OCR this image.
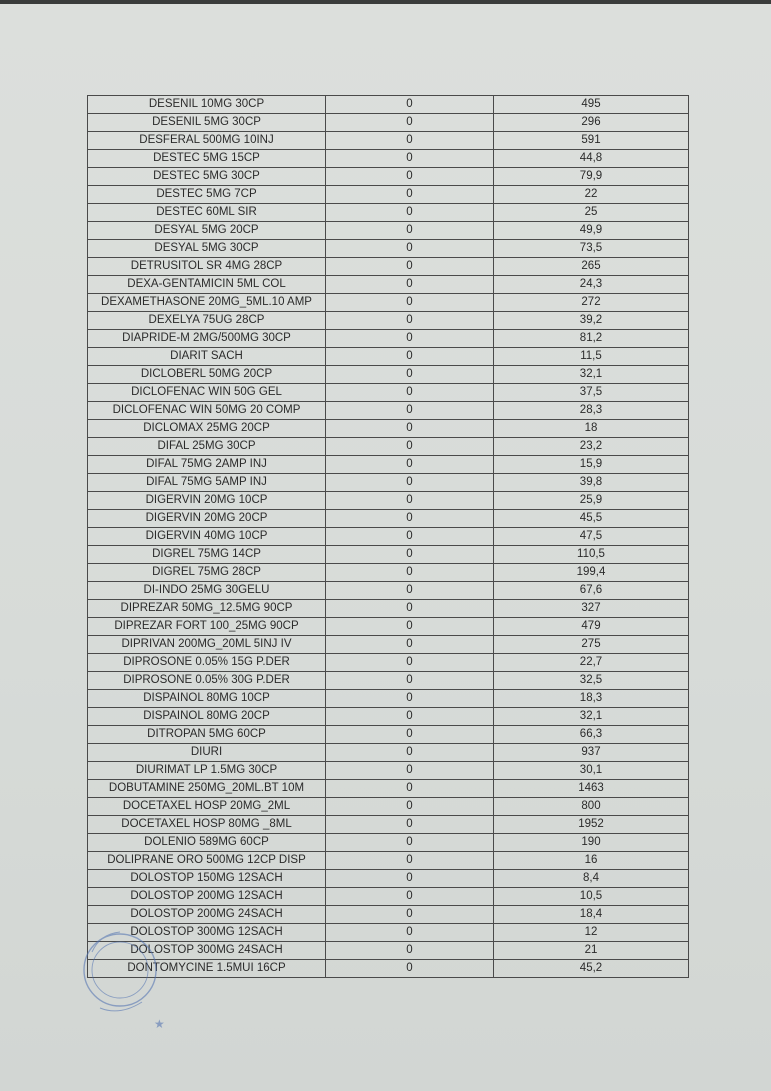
DESENIL 10MG 30CP	0	495
DESENIL 5MG 30CP	0	296
DESFERAL 500MG 10INJ	0	591
DESTEC 5MG 15CP	0	44,8
DESTEC 5MG 30CP	0	79,9
DESTEC 5MG 7CP	0	22
DESTEC 60ML SIR	0	25
DESYAL 5MG 20CP	0	49,9
DESYAL 5MG 30CP	0	73,5
DETRUSITOL SR 4MG 28CP	0	265
DEXA-GENTAMICIN 5ML COL	0	24,3
DEXAMETHASONE 20MG_5ML.10 AMP	0	272
DEXELYA 75UG 28CP	0	39,2
DIAPRIDE-M 2MG/500MG 30CP	0	81,2
DIARIT SACH	0	11,5
DICLOBERL 50MG 20CP	0	32,1
DICLOFENAC WIN 50G GEL	0	37,5
DICLOFENAC WIN 50MG 20 COMP	0	28,3
DICLOMAX 25MG 20CP	0	18
DIFAL 25MG 30CP	0	23,2
DIFAL 75MG 2AMP INJ	0	15,9
DIFAL 75MG 5AMP INJ	0	39,8
DIGERVIN 20MG 10CP	0	25,9
DIGERVIN 20MG 20CP	0	45,5
DIGERVIN 40MG 10CP	0	47,5
DIGREL 75MG 14CP	0	110,5
DIGREL 75MG 28CP	0	199,4
DI-INDO 25MG 30GELU	0	67,6
DIPREZAR 50MG_12.5MG 90CP	0	327
DIPREZAR FORT 100_25MG 90CP	0	479
DIPRIVAN 200MG_20ML 5INJ IV	0	275
DIPROSONE 0.05% 15G P.DER	0	22,7
DIPROSONE 0.05% 30G P.DER	0	32,5
DISPAINOL 80MG 10CP	0	18,3
DISPAINOL 80MG 20CP	0	32,1
DITROPAN 5MG 60CP	0	66,3
DIURI	0	937
DIURIMAT LP 1.5MG 30CP	0	30,1
DOBUTAMINE 250MG_20ML.BT 10M	0	1463
DOCETAXEL HOSP 20MG_2ML	0	800
DOCETAXEL HOSP 80MG _8ML	0	1952
DOLENIO 589MG 60CP	0	190
DOLIPRANE ORO 500MG 12CP DISP	0	16
DOLOSTOP 150MG 12SACH	0	8,4
DOLOSTOP 200MG 12SACH	0	10,5
DOLOSTOP 200MG 24SACH	0	18,4
DOLOSTOP 300MG 12SACH	0	12
DOLOSTOP 300MG 24SACH	0	21
DONTOMYCINE 1.5MUI 16CP	0	45,2
★
